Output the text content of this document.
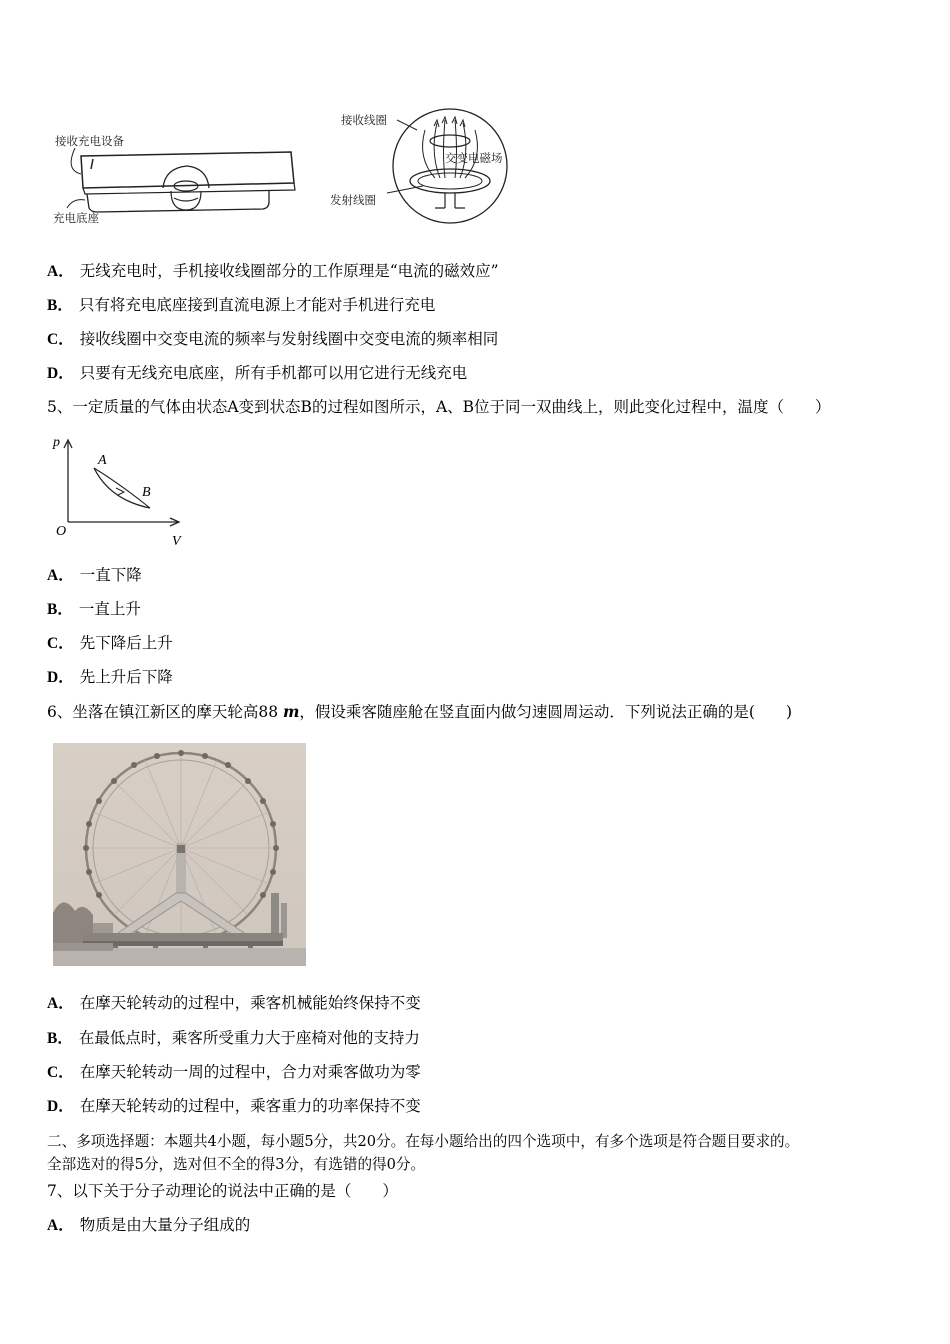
接收充电设备
充电底座
接收线圈
交变电磁场
发射线圈
A． 无线充电时，手机接收线圈部分的工作原理是“电流的磁效应”
B． 只有将充电底座接到直流电源上才能对手机进行充电
C． 接收线圈中交变电流的频率与发射线圈中交变电流的频率相同
D． 只要有无线充电底座，所有手机都可以用它进行无线充电
5、一定质量的气体由状态A变到状态B的过程如图所示，A、B位于同一双曲线上，则此变化过程中，温度（　　）
p
V
O
A
B
A． 一直下降
B． 一直上升
C． 先下降后上升
D． 先上升后下降
6、坐落在镇江新区的摩天轮高88 m，假设乘客随座舱在竖直面内做匀速圆周运动．下列说法正确的是(　　)
A． 在摩天轮转动的过程中，乘客机械能始终保持不变
B． 在最低点时，乘客所受重力大于座椅对他的支持力
C． 在摩天轮转动一周的过程中，合力对乘客做功为零
D． 在摩天轮转动的过程中，乘客重力的功率保持不变
二、多项选择题：本题共4小题，每小题5分，共20分。在每小题给出的四个选项中，有多个选项是符合题目要求的。
全部选对的得5分，选对但不全的得3分，有选错的得0分。
7、以下关于分子动理论的说法中正确的是（　　）
A． 物质是由大量分子组成的
